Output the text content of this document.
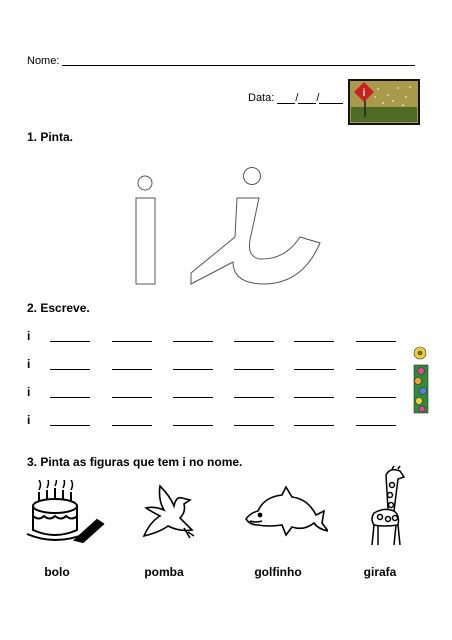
Nome:
Data: / /	i
1. Pinta.
2. Escreve.
i
i
i
i
3. Pinta as figuras que tem i no nome.
bolo	pomba	golfinho	girafa
